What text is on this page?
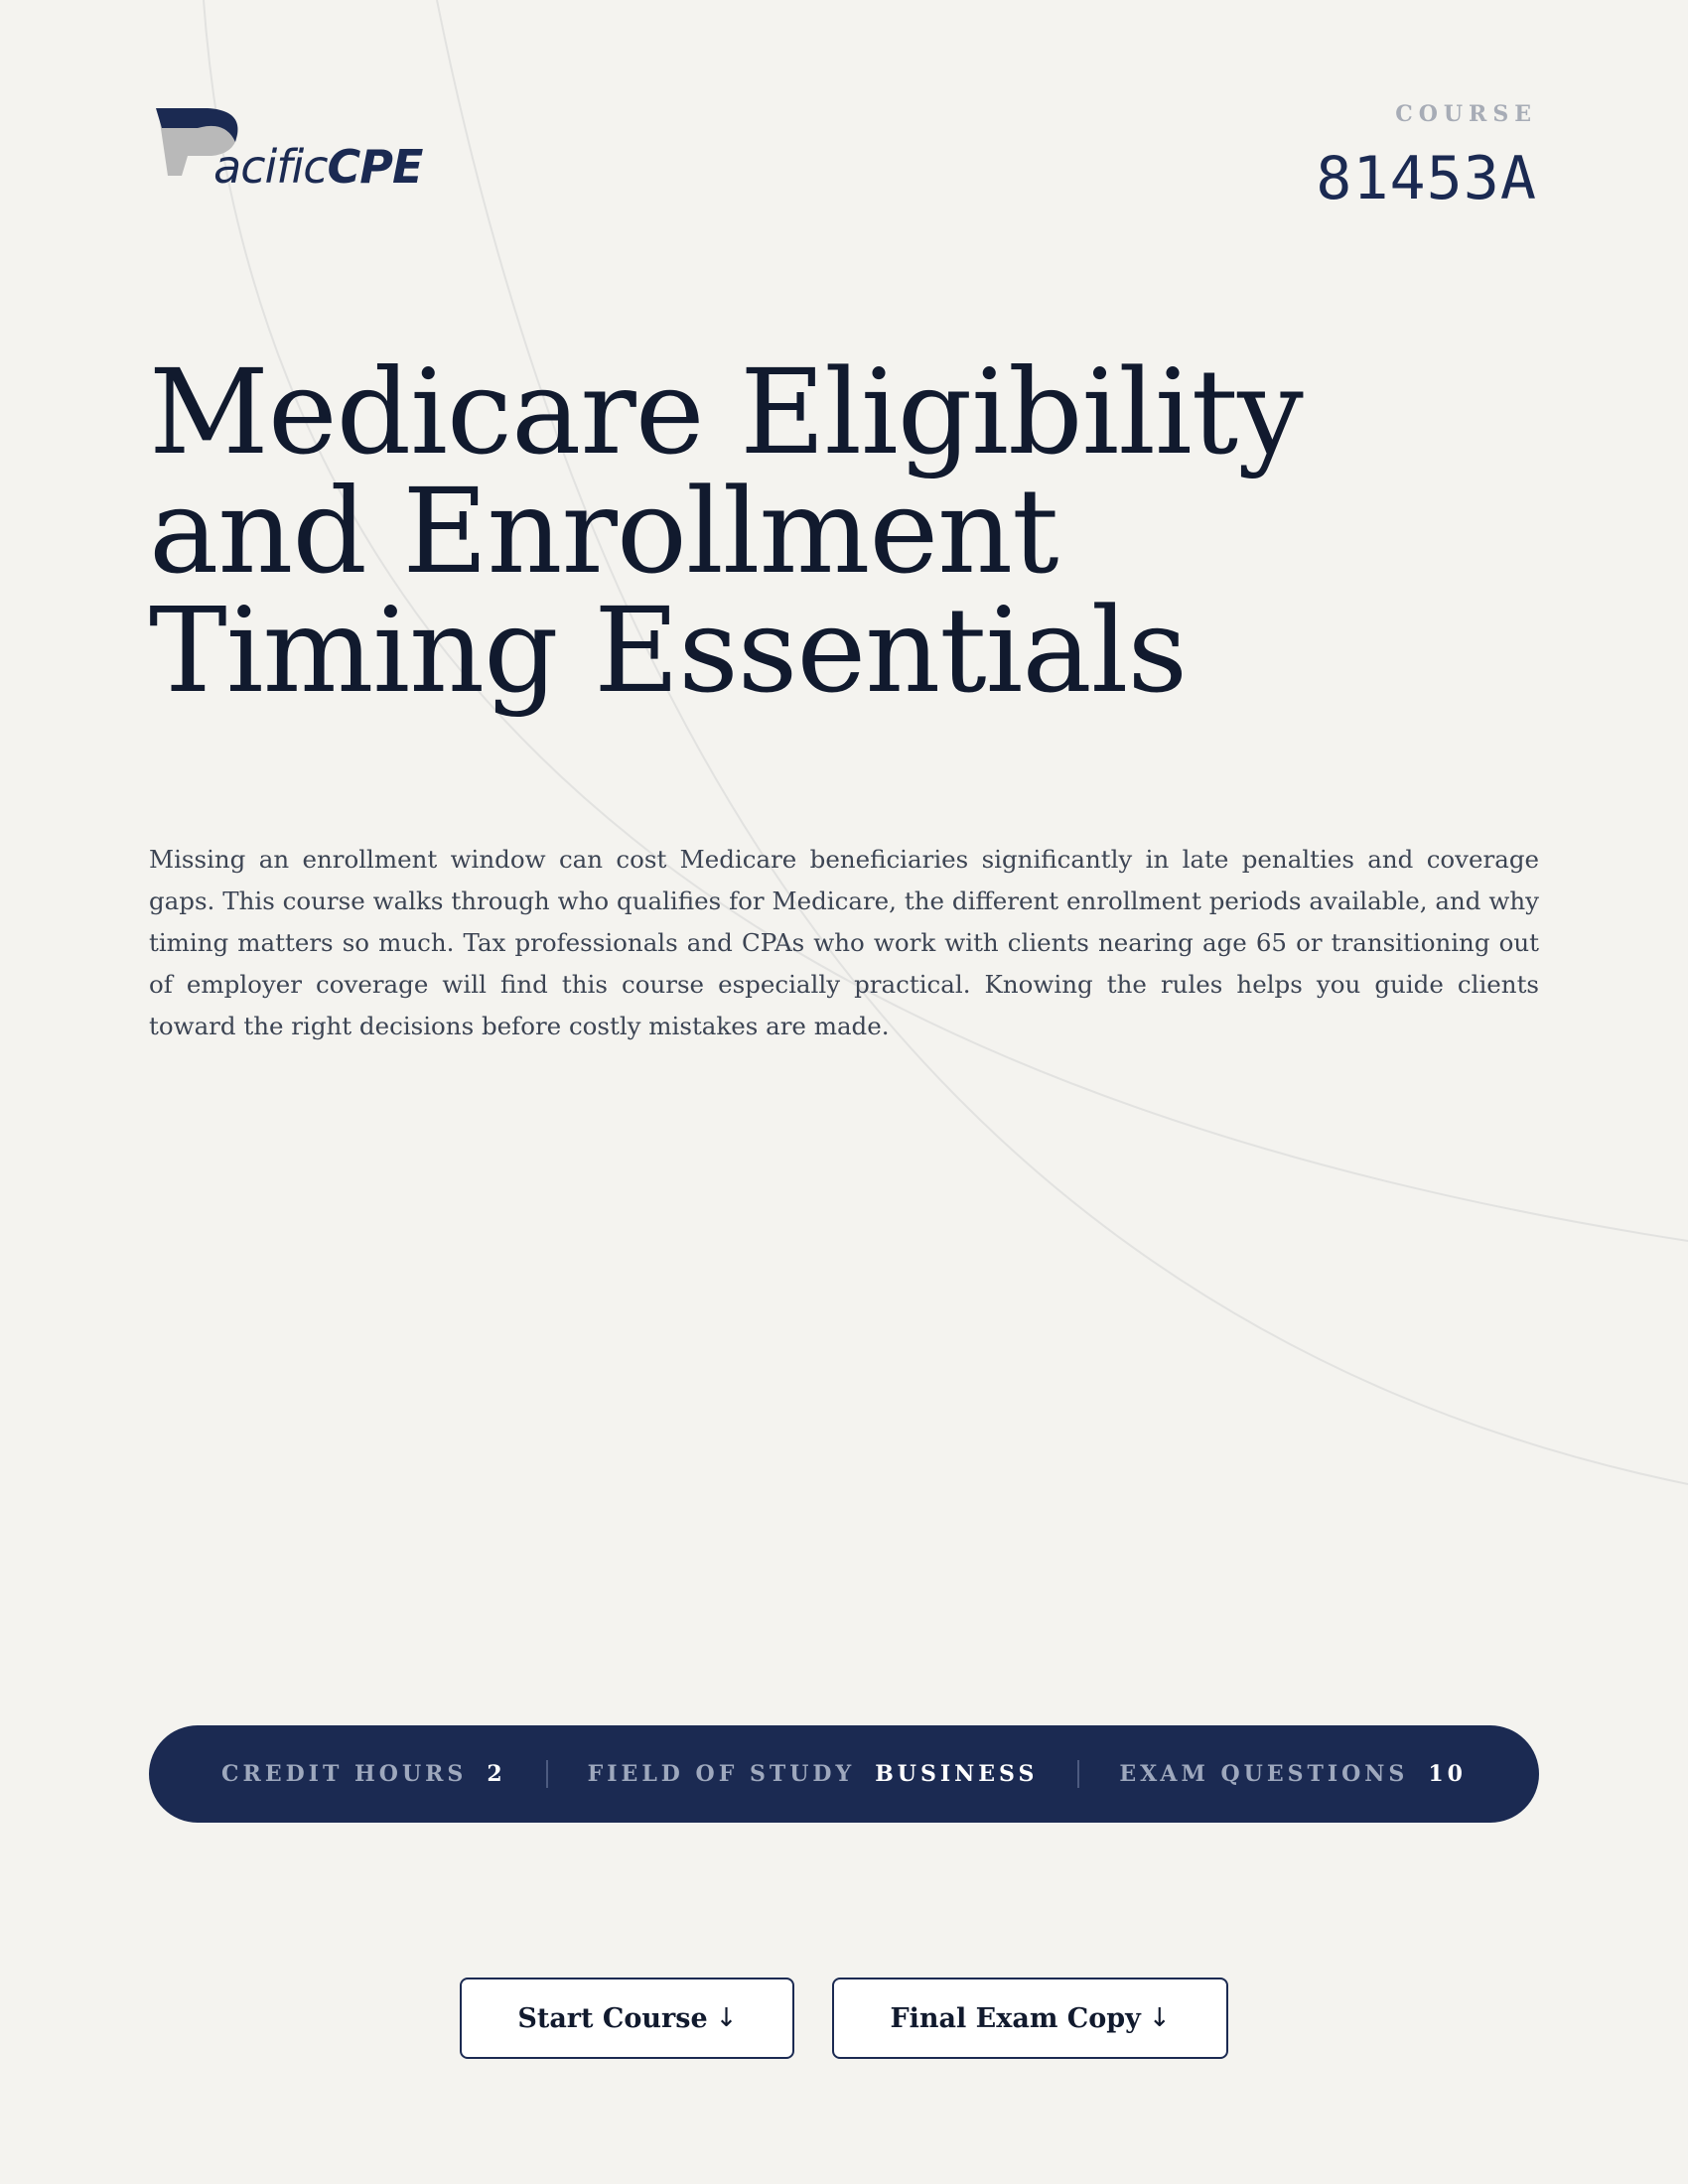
acificCPE
COURSE
81453A
Medicare Eligibility
and Enrollment
Timing Essentials

Missing an enrollment window can cost Medicare beneficiaries significantly in late penalties and coverage gaps. This course walks through who qualifies for Medicare, the different enrollment periods available, and why timing matters so much. Tax professionals and CPAs who work with clients nearing age 65 or transitioning out of employer coverage will find this course especially practical. Knowing the rules helps you guide clients toward the right decisions before costly mistakes are made.

CREDIT HOURS 2	FIELD OF STUDY BUSINESS	EXAM QUESTIONS 10
Start Course ↓	Final Exam Copy ↓
